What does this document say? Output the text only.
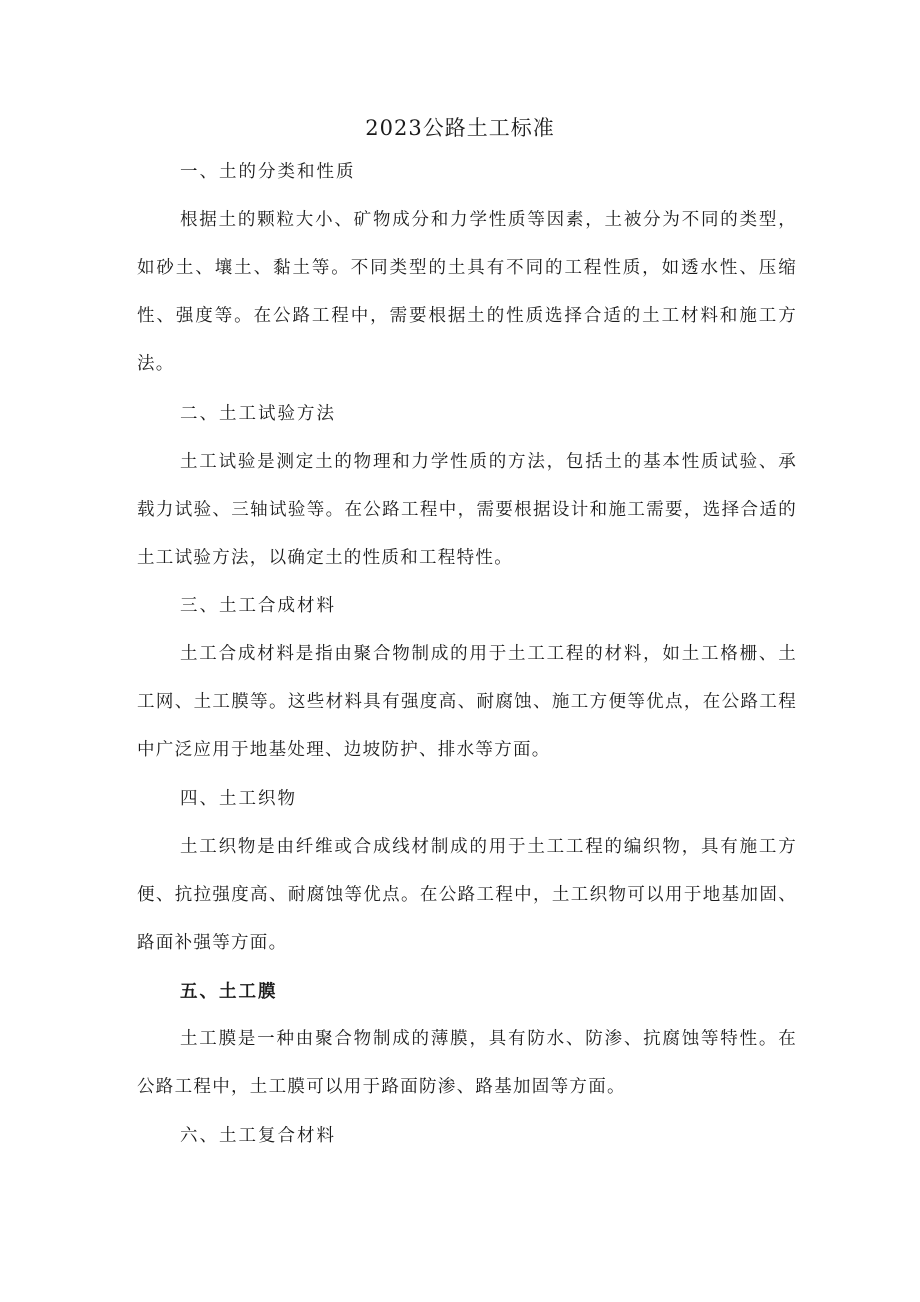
2023公路土工标准
一、土的分类和性质

根据土的颗粒大小、矿物成分和力学性质等因素，土被分为不同的类型，如砂土、壤土、黏土等。不同类型的土具有不同的工程性质，如透水性、压缩性、强度等。在公路工程中，需要根据土的性质选择合适的土工材料和施工方法。

二、土工试验方法

土工试验是测定土的物理和力学性质的方法，包括土的基本性质试验、承载力试验、三轴试验等。在公路工程中，需要根据设计和施工需要，选择合适的土工试验方法，以确定土的性质和工程特性。

三、土工合成材料

土工合成材料是指由聚合物制成的用于土工工程的材料，如土工格栅、土工网、土工膜等。这些材料具有强度高、耐腐蚀、施工方便等优点，在公路工程中广泛应用于地基处理、边坡防护、排水等方面。

四、土工织物

土工织物是由纤维或合成线材制成的用于土工工程的编织物，具有施工方便、抗拉强度高、耐腐蚀等优点。在公路工程中，土工织物可以用于地基加固、路面补强等方面。

五、土工膜

土工膜是一种由聚合物制成的薄膜，具有防水、防渗、抗腐蚀等特性。在公路工程中，土工膜可以用于路面防渗、路基加固等方面。

六、土工复合材料
